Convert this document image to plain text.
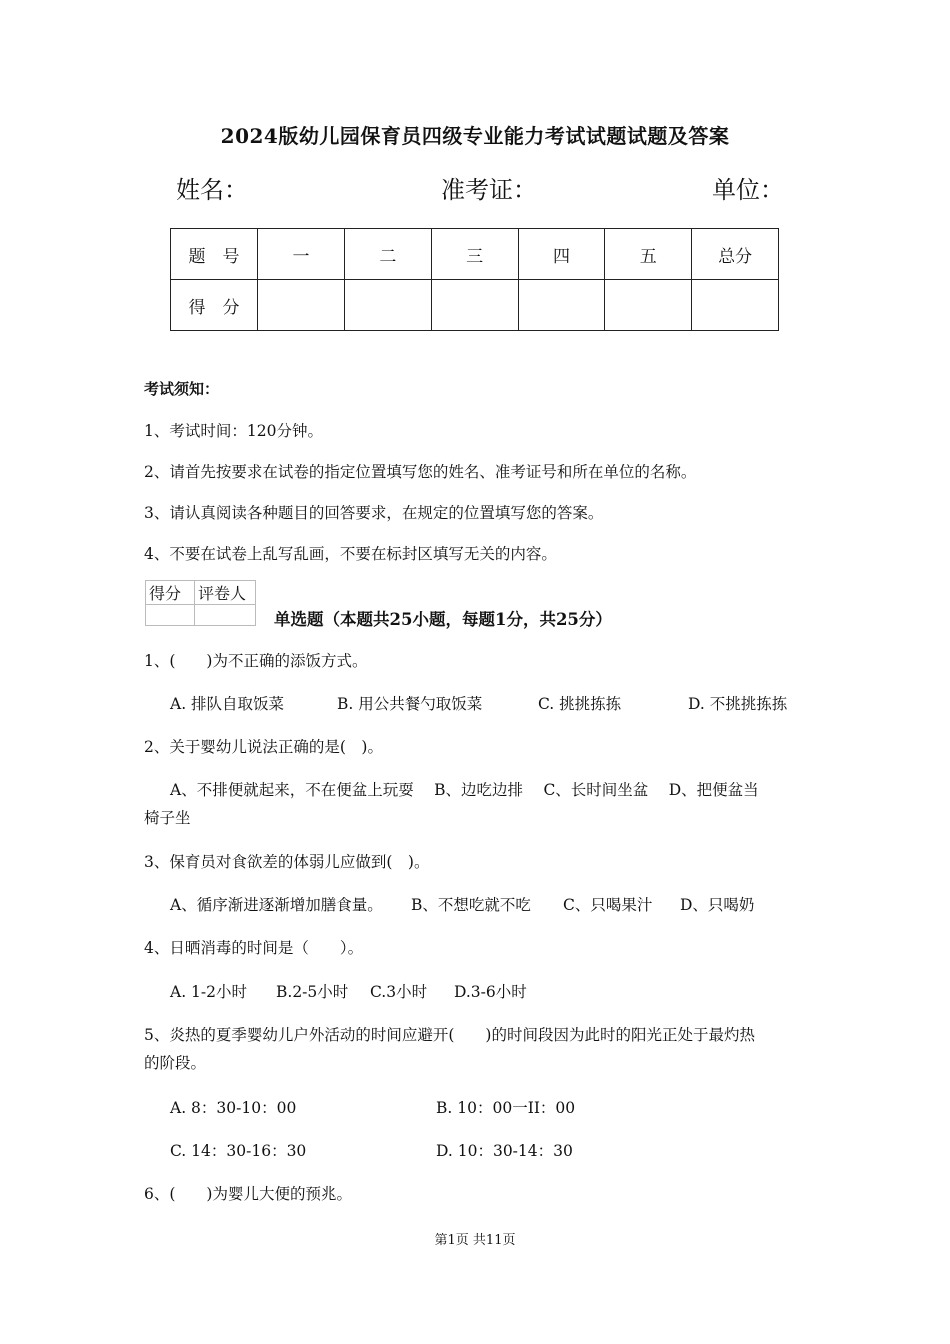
2024版幼儿园保育员四级专业能力考试试题试题及答案
姓名：	准考证：	单位：
题　号	一	二	三	四	五	总分
得　分						
考试须知：
1、考试时间：120分钟。
2、请首先按要求在试卷的指定位置填写您的姓名、准考证号和所在单位的名称。
3、请认真阅读各种题目的回答要求，在规定的位置填写您的答案。
4、不要在试卷上乱写乱画，不要在标封区填写无关的内容。
得分	评卷人

单选题（本题共25小题，每题1分，共25分）
1、(　　)为不正确的添饭方式。
A. 排队自取饭菜	B. 用公共餐勺取饭菜	C. 挑挑拣拣	D. 不挑挑拣拣
2、关于婴幼儿说法正确的是(　)。
A、不排便就起来，不在便盆上玩耍　 B、边吃边排　 C、长时间坐盆　 D、把便盆当
椅子坐
3、保育员对食欲差的体弱儿应做到(　)。
A、循序渐进逐渐增加膳食量。 B、不想吃就不吃 C、只喝果汁 D、只喝奶
4、日晒消毒的时间是（　　）。
A. 1-2小时 B.2-5小时 C.3小时 D.3-6小时
5、炎热的夏季婴幼儿户外活动的时间应避开(　　)的时间段因为此时的阳光正处于最灼热
的阶段。
A. 8：30-10：00	B. 10：00一II：00
C. 14：30-16：30	D. 10：30-14：30
6、(　　)为婴儿大便的预兆。
第1页 共11页
